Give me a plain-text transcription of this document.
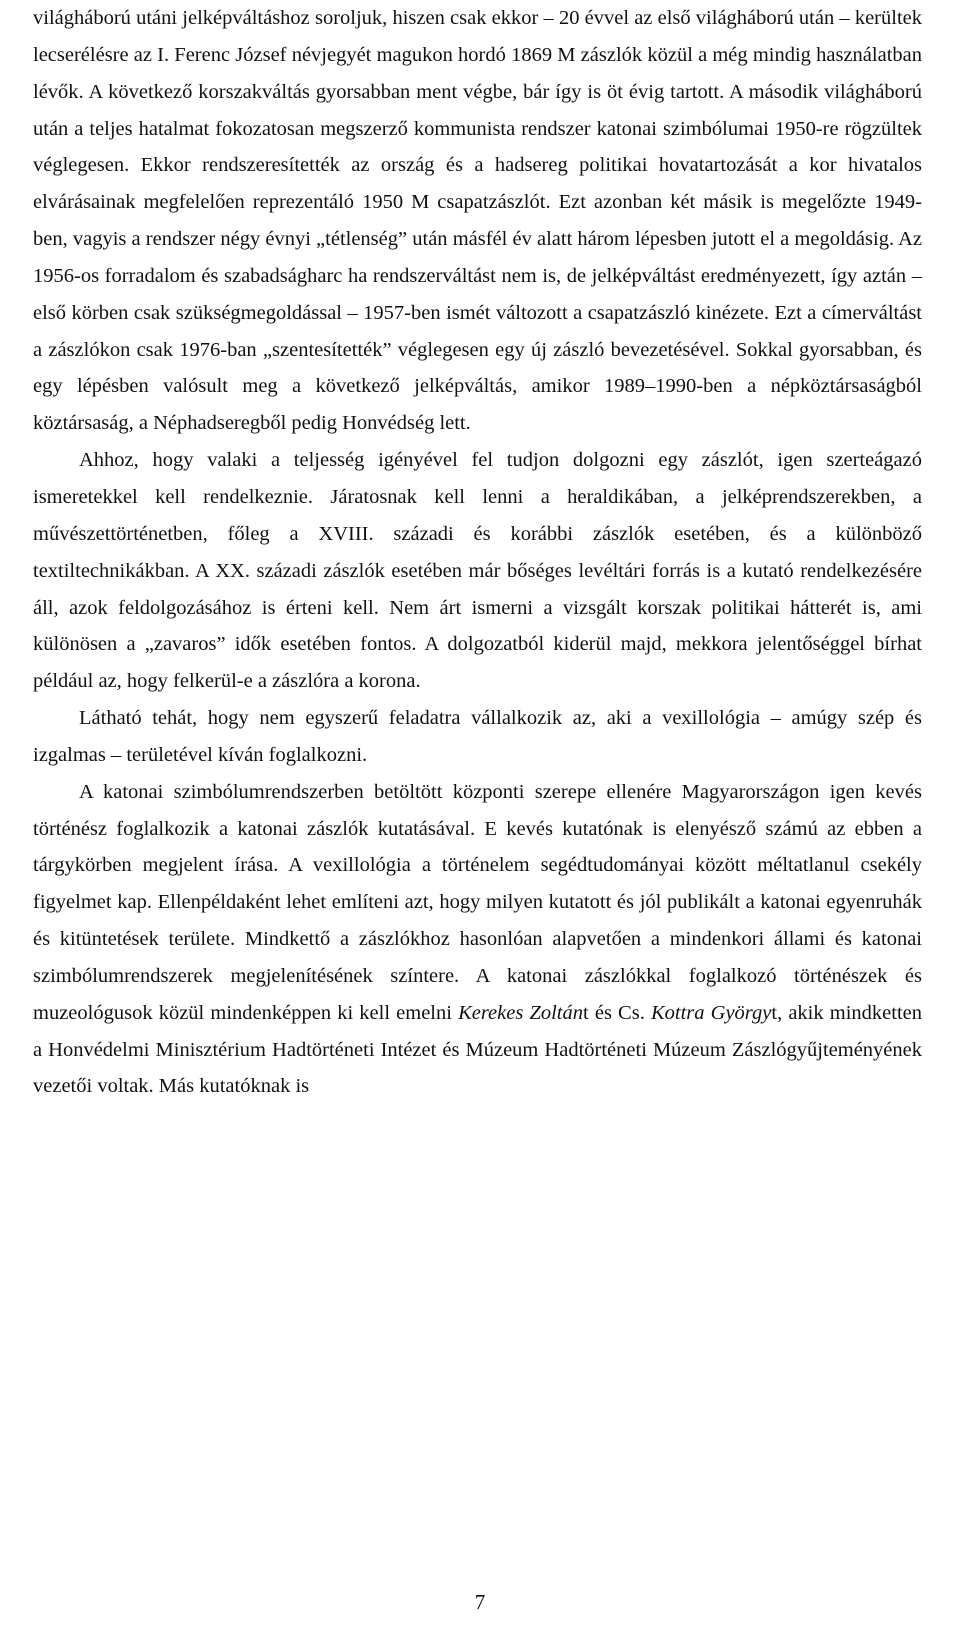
világháború utáni jelképváltáshoz soroljuk, hiszen csak ekkor – 20 évvel az első világháború után – kerültek lecserélésre az I. Ferenc József névjegyét magukon hordó 1869 M zászlók közül a még mindig használatban lévők. A következő korszakváltás gyorsabban ment végbe, bár így is öt évig tartott. A második világháború után a teljes hatalmat fokozatosan megszerző kommunista rendszer katonai szimbólumai 1950-re rögzültek véglegesen. Ekkor rendszeresítették az ország és a hadsereg politikai hovatartozását a kor hivatalos elvárásainak megfelelően reprezentáló 1950 M csapatzászlót. Ezt azonban két másik is megelőzte 1949-ben, vagyis a rendszer négy évnyi „tétlenség” után másfél év alatt három lépesben jutott el a megoldásig. Az 1956-os forradalom és szabadságharc ha rendszerváltást nem is, de jelképváltást eredményezett, így aztán – első körben csak szükségmegoldással – 1957-ben ismét változott a csapatzászló kinézete. Ezt a címerváltást a zászlókon csak 1976-ban „szentesítették” véglegesen egy új zászló bevezetésével. Sokkal gyorsabban, és egy lépésben valósult meg a következő jelképváltás, amikor 1989–1990-ben a népköztársaságból köztársaság, a Néphadseregből pedig Honvédség lett.

Ahhoz, hogy valaki a teljesség igényével fel tudjon dolgozni egy zászlót, igen szerteágazó ismeretekkel kell rendelkeznie. Járatosnak kell lenni a heraldikában, a jelképrendszerekben, a művészettörténetben, főleg a XVIII. századi és korábbi zászlók esetében, és a különböző textiltechnikákban. A XX. századi zászlók esetében már bőséges levéltári forrás is a kutató rendelkezésére áll, azok feldolgozásához is érteni kell. Nem árt ismerni a vizsgált korszak politikai hátterét is, ami különösen a „zavaros” idők esetében fontos. A dolgozatból kiderül majd, mekkora jelentőséggel bírhat például az, hogy felkerül-e a zászlóra a korona.

Látható tehát, hogy nem egyszerű feladatra vállalkozik az, aki a vexillológia – amúgy szép és izgalmas – területével kíván foglalkozni.

A katonai szimbólumrendszerben betöltött központi szerepe ellenére Magyarországon igen kevés történész foglalkozik a katonai zászlók kutatásával. E kevés kutatónak is elenyésző számú az ebben a tárgykörben megjelent írása. A vexillológia a történelem segédtudományai között méltatlanul csekély figyelmet kap. Ellenpéldaként lehet említeni azt, hogy milyen kutatott és jól publikált a katonai egyenruhák és kitüntetések területe. Mindkettő a zászlókhoz hasonlóan alapvetően a mindenkori állami és katonai szimbólumrendszerek megjelenítésének színtere. A katonai zászlókkal foglalkozó történészek és muzeológusok közül mindenképpen ki kell emelni Kerekes Zoltánt és Cs. Kottra Györgyt, akik mindketten a Honvédelmi Minisztérium Hadtörténeti Intézet és Múzeum Hadtörténeti Múzeum Zászlógyűjteményének vezetői voltak. Más kutatóknak is

7
